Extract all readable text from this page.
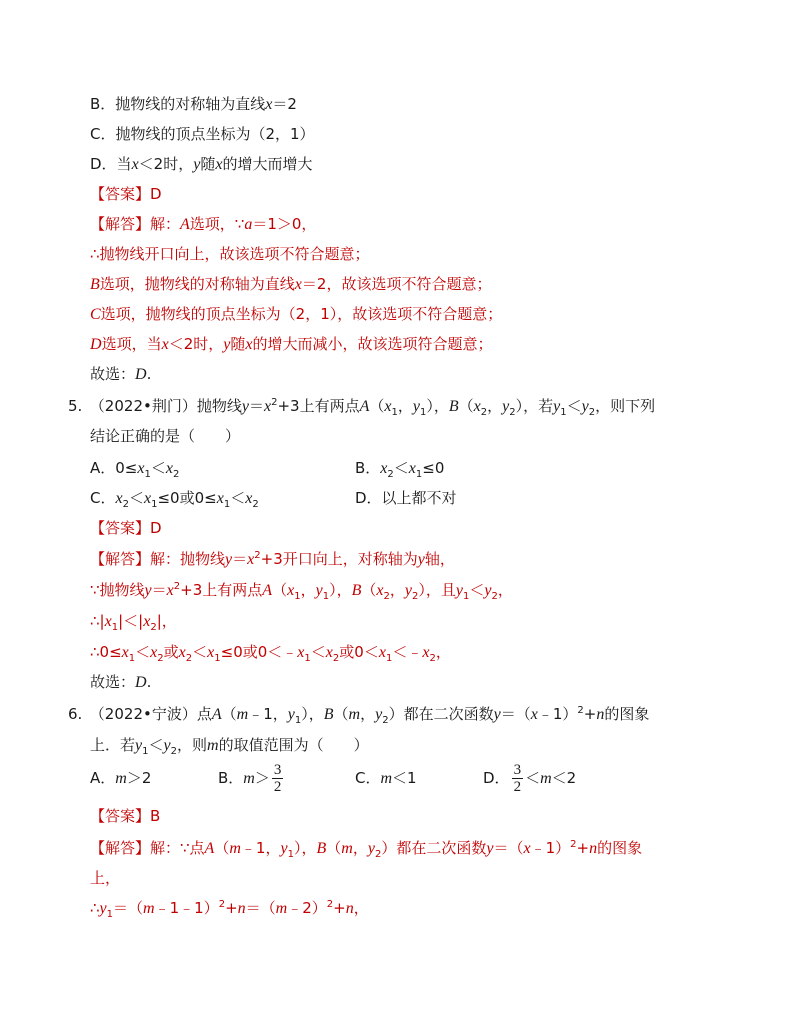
B．抛物线的对称轴为直线x＝2
C．抛物线的顶点坐标为（2，1）
D．当x＜2时，y随x的增大而增大
【答案】D
【解答】解：A选项，∵a＝1＞0，
∴抛物线开口向上，故该选项不符合题意；
B选项，抛物线的对称轴为直线x＝2，故该选项不符合题意；
C选项，抛物线的顶点坐标为（2，1），故该选项不符合题意；
D选项，当x＜2时，y随x的增大而减小，故该选项符合题意；
故选：D.
5.　（2022•荆门）抛物线$y=x^2+3$上有两点$A(x_1$，$y_1$），$B(x_2$，$y_2$），若$y_1<y_2$，则下列
结论正确的是（　　）
A．$0\le x_1<x_2$	B．$x_2<x_1\le 0$
C．$x_2<x_1\le 0$或$0\le x_1<x_2$	D．以上都不对
【答案】D
【解答】解：抛物线$y=x^2+3$开口向上，对称轴为y轴，
∵抛物线$y=x^2+3$上有两点$A(x_1$，$y_1$），$B(x_2$，$y_2$），且$y_1<y_2$，
$\therefore|x_1|<|x_2|$，
$\therefore 0\le x_1<x_2$或$x_2<x_1\le 0$或$0<﹣x_1<x_2$或$0<x_1<﹣x_2$，
故选：D.
6.　（2022•宁波）点A（m﹣1，$y_1$），B（m，$y_2$）都在二次函数y＝（x﹣1）$^2$+n的图象
上．若$y_1<y_2$，则m的取值范围为（　　）
A．m＞2	B．$m> \frac{3}{2}$	C．m＜1	D． $\frac{3}{2} <m<2$
【答案】B
【解答】解：∵点A（m﹣1，$y_1$），B（m，$y_2$）都在二次函数y＝（x﹣1）$^2$+n的图象
上，
$\therefore y_1=(m﹣1﹣1)^2+n=(m﹣2)^2+n$，
